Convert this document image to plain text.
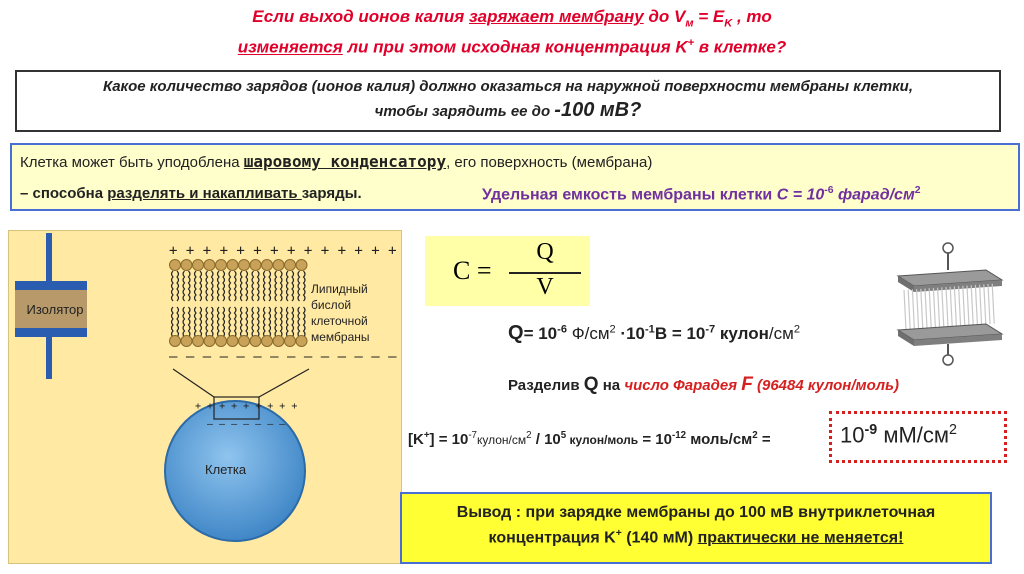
Если выход ионов калия заряжает мембрану до $V_м = E_K$ , то
изменяется ли при этом исходная концентрация K+ в клетке?
Какое количество зарядов (ионов калия) должно оказаться на наружной поверхности мембраны клетки,
чтобы зарядить ее до -100 мВ?
Клетка может быть уподоблена шаровому конденсатору, его поверхность (мембрана)
– способна разделять и накапливать заряды.	Удельная емкость мембраны клетки $C = 10^{-6}$ фарад/$см^2$
+ + + + + + + + + + + + + +
– – – – – – – – – – – – – –
+ + + + + + + + +
– – – – – – –
Изолятор
Липидный
бислой
клеточной
мембраны
Клетка
C =
Q
V
$Q= 10^{-6}$ $Ф/см^2 \cdot 10^{-1}В = 10^{-7}$ кулон/$см^2$
Разделив Q на число Фарадея F (96484 кулон/моль)
$[K^+] = 10^{-7}кулон/см^2 / 10^5$ кулон/моль = $10^{-12}$ моль/$см^2$ =	$10^{-9}$ $мМ/см^2$
Вывод : при зарядке мембраны до 100 мВ внутриклеточная
концентрация K+ (140 мМ) практически не меняется!
